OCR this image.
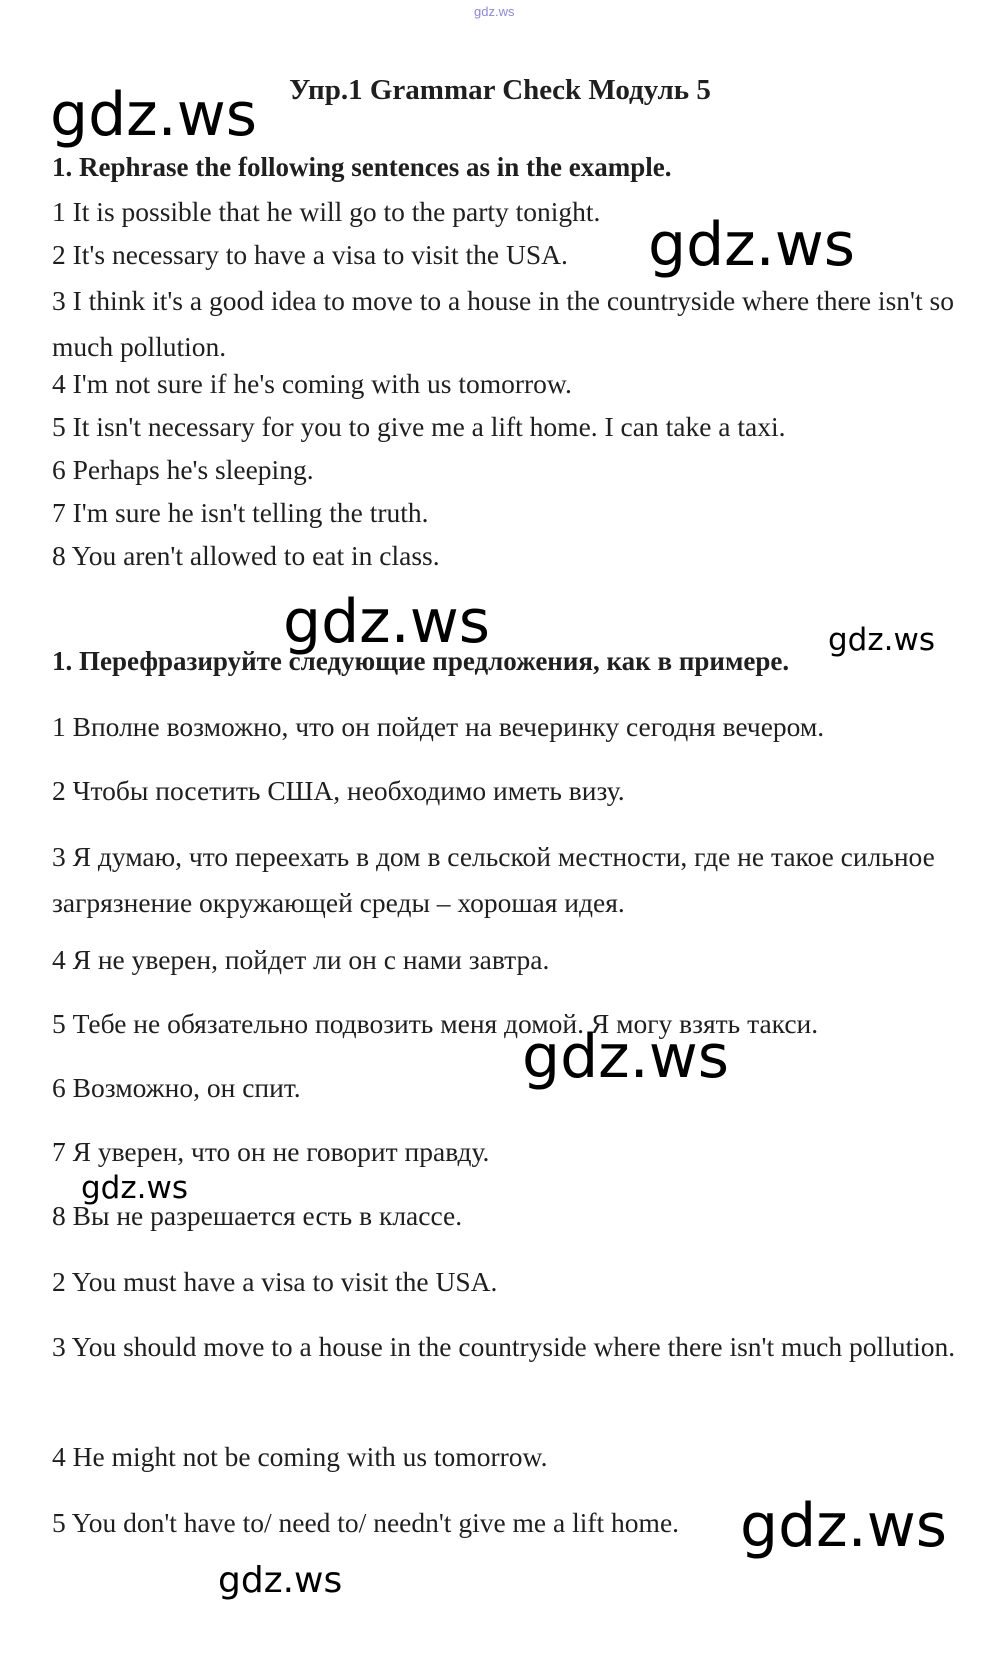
gdz.ws
Упр.1 Grammar Check Модуль 5
1. Rephrase the following sentences as in the example.
1 It is possible that he will go to the party tonight.
2 It's necessary to have a visa to visit the USA.
3 I think it's a good idea to move to a house in the countryside where there isn't so much pollution.
4 I'm not sure if he's coming with us tomorrow.
5 It isn't necessary for you to give me a lift home. I can take a taxi.
6 Perhaps he's sleeping.
7 I'm sure he isn't telling the truth.
8 You aren't allowed to eat in class.
1. Перефразируйте следующие предложения, как в примере.
1 Вполне возможно, что он пойдет на вечеринку сегодня вечером.
2 Чтобы посетить США, необходимо иметь визу.
3 Я думаю, что переехать в дом в сельской местности, где не такое сильное загрязнение окружающей среды – хорошая идея.
4 Я не уверен, пойдет ли он с нами завтра.
5 Тебе не обязательно подвозить меня домой. Я могу взять такси.
6 Возможно, он спит.
7 Я уверен, что он не говорит правду.
8 Вы не разрешается есть в классе.
2 You must have a visa to visit the USA.
3 You should move to a house in the countryside where there isn't much pollution.
4 He might not be coming with us tomorrow.
5 You don't have to/ need to/ needn't give me a lift home.
gdz.ws
gdz.ws
gdz.ws	gdz.ws
gdz.ws
gdz.ws
gdz.ws
gdz.ws
